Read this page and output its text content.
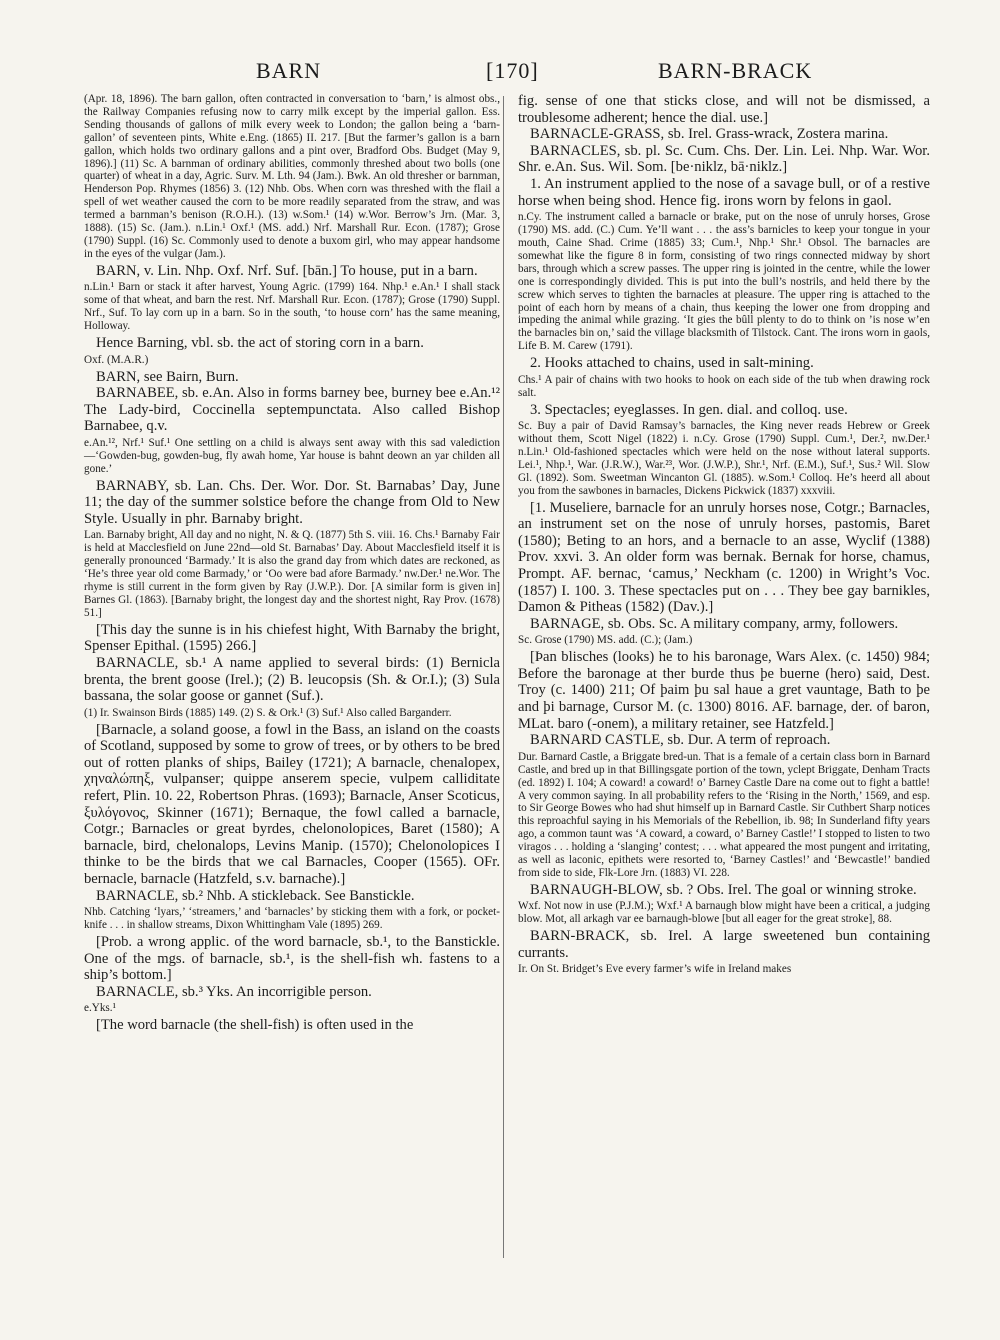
BARN	[170]	BARN-BRACK

(Apr. 18, 1896). The barn gallon, often contracted in conversation to ‘barn,’ is almost obs., the Railway Companies refusing now to carry milk except by the imperial gallon. Ess. Sending thousands of gallons of milk every week to London; the gallon being a ‘barn-gallon’ of seventeen pints, White e.Eng. (1865) II. 217. [But the farmer’s gallon is a barn gallon, which holds two ordinary gallons and a pint over, Bradford Obs. Budget (May 9, 1896).] (11) Sc. A barnman of ordinary abilities, commonly threshed about two bolls (one quarter) of wheat in a day, Agric. Surv. M. Lth. 94 (Jam.). Bwk. An old thresher or barnman, Henderson Pop. Rhymes (1856) 3. (12) Nhb. Obs. When corn was threshed with the flail a spell of wet weather caused the corn to be more readily separated from the straw, and was termed a barnman’s benison (R.O.H.). (13) w.Som.¹ (14) w.Wor. Berrow’s Jrn. (Mar. 3, 1888). (15) Sc. (Jam.). n.Lin.¹ Oxf.¹ (MS. add.) Nrf. Marshall Rur. Econ. (1787); Grose (1790) Suppl. (16) Sc. Commonly used to denote a buxom girl, who may appear handsome in the eyes of the vulgar (Jam.).

BARN, v. Lin. Nhp. Oxf. Nrf. Suf. [bān.] To house, put in a barn.

n.Lin.¹ Barn or stack it after harvest, Young Agric. (1799) 164. Nhp.¹ e.An.¹ I shall stack some of that wheat, and barn the rest. Nrf. Marshall Rur. Econ. (1787); Grose (1790) Suppl. Nrf., Suf. To lay corn up in a barn. So in the south, ‘to house corn’ has the same meaning, Holloway.

Hence Barning, vbl. sb. the act of storing corn in a barn.

Oxf. (M.A.R.)

BARN, see Bairn, Burn.

BARNABEE, sb. e.An. Also in forms barney bee, burney bee e.An.¹² The Lady-bird, Coccinella septempunctata. Also called Bishop Barnabee, q.v.

e.An.¹², Nrf.¹ Suf.¹ One settling on a child is always sent away with this sad valediction—‘Gowden-bug, gowden-bug, fly awah home, Yar house is bahnt deown an yar childen all gone.’

BARNABY, sb. Lan. Chs. Der. Wor. Dor. St. Barnabas’ Day, June 11; the day of the summer solstice before the change from Old to New Style. Usually in phr. Barnaby bright.

Lan. Barnaby bright, All day and no night, N. & Q. (1877) 5th S. viii. 16. Chs.¹ Barnaby Fair is held at Macclesfield on June 22nd—old St. Barnabas’ Day. About Macclesfield itself it is generally pronounced ‘Barmady.’ It is also the grand day from which dates are reckoned, as ‘He’s three year old come Barmady,’ or ‘Oo were bad afore Barmady.’ nw.Der.¹ ne.Wor. The rhyme is still current in the form given by Ray (J.W.P.). Dor. [A similar form is given in] Barnes Gl. (1863). [Barnaby bright, the longest day and the shortest night, Ray Prov. (1678) 51.]

[This day the sunne is in his chiefest hight, With Barnaby the bright, Spenser Epithal. (1595) 266.]

BARNACLE, sb.¹ A name applied to several birds: (1) Bernicla brenta, the brent goose (Irel.); (2) B. leucopsis (Sh. & Or.I.); (3) Sula bassana, the solar goose or gannet (Suf.).

(1) Ir. Swainson Birds (1885) 149. (2) S. & Ork.¹ (3) Suf.¹ Also called Barganderr.

[Barnacle, a soland goose, a fowl in the Bass, an island on the coasts of Scotland, supposed by some to grow of trees, or by others to be bred out of rotten planks of ships, Bailey (1721); A barnacle, chenalopex, χηναλώπηξ, vulpanser; quippe anserem specie, vulpem calliditate refert, Plin. 10. 22, Robertson Phras. (1693); Barnacle, Anser Scoticus, ξυλόγονος, Skinner (1671); Bernaque, the fowl called a barnacle, Cotgr.; Barnacles or great byrdes, chelonolopices, Baret (1580); A barnacle, bird, chelonalops, Levins Manip. (1570); Chelonolopices I thinke to be the birds that we cal Barnacles, Cooper (1565). OFr. bernacle, barnacle (Hatzfeld, s.v. barnache).]

BARNACLE, sb.² Nhb. A stickleback. See Banstickle.

Nhb. Catching ‘lyars,’ ‘streamers,’ and ‘barnacles’ by sticking them with a fork, or pocket-knife . . . in shallow streams, Dixon Whittingham Vale (1895) 269.

[Prob. a wrong applic. of the word barnacle, sb.¹, to the Banstickle. One of the mgs. of barnacle, sb.¹, is the shell-fish wh. fastens to a ship’s bottom.]

BARNACLE, sb.³ Yks. An incorrigible person.

e.Yks.¹

[The word barnacle (the shell-fish) is often used in the

fig. sense of one that sticks close, and will not be dismissed, a troublesome adherent; hence the dial. use.]

BARNACLE-GRASS, sb. Irel. Grass-wrack, Zostera marina.

BARNACLES, sb. pl. Sc. Cum. Chs. Der. Lin. Lei. Nhp. War. Wor. Shr. e.An. Sus. Wil. Som. [be·niklz, bā·niklz.]

1. An instrument applied to the nose of a savage bull, or of a restive horse when being shod. Hence fig. irons worn by felons in gaol.

n.Cy. The instrument called a barnacle or brake, put on the nose of unruly horses, Grose (1790) MS. add. (C.) Cum. Ye’ll want . . . the ass’s barnicles to keep your tongue in your mouth, Caine Shad. Crime (1885) 33; Cum.¹, Nhp.¹ Shr.¹ Obsol. The barnacles are somewhat like the figure 8 in form, consisting of two rings connected midway by short bars, through which a screw passes. The upper ring is jointed in the centre, while the lower one is correspondingly divided. This is put into the bull’s nostrils, and held there by the screw which serves to tighten the barnacles at pleasure. The upper ring is attached to the point of each horn by means of a chain, thus keeping the lower one from dropping and impeding the animal while grazing. ‘It gies the bûll plenty to do to think on ’is nose w’en the barnacles bin on,’ said the village blacksmith of Tilstock. Cant. The irons worn in gaols, Life B. M. Carew (1791).

2. Hooks attached to chains, used in salt-mining.

Chs.¹ A pair of chains with two hooks to hook on each side of the tub when drawing rock salt.

3. Spectacles; eyeglasses. In gen. dial. and colloq. use.

Sc. Buy a pair of David Ramsay’s barnacles, the King never reads Hebrew or Greek without them, Scott Nigel (1822) i. n.Cy. Grose (1790) Suppl. Cum.¹, Der.², nw.Der.¹ n.Lin.¹ Old-fashioned spectacles which were held on the nose without lateral supports. Lei.¹, Nhp.¹, War. (J.R.W.), War.²³, Wor. (J.W.P.), Shr.¹, Nrf. (E.M.), Suf.¹, Sus.² Wil. Slow Gl. (1892). Som. Sweetman Wincanton Gl. (1885). w.Som.¹ Colloq. He’s heerd all about you from the sawbones in barnacles, Dickens Pickwick (1837) xxxviii.

[1. Museliere, barnacle for an unruly horses nose, Cotgr.; Barnacles, an instrument set on the nose of unruly horses, pastomis, Baret (1580); Beting to an hors, and a bernacle to an asse, Wyclif (1388) Prov. xxvi. 3. An older form was bernak. Bernak for horse, chamus, Prompt. AF. bernac, ‘camus,’ Neckham (c. 1200) in Wright’s Voc. (1857) I. 100. 3. These spectacles put on . . . They bee gay barnikles, Damon & Pitheas (1582) (Dav.).]

BARNAGE, sb. Obs. Sc. A military company, army, followers.

Sc. Grose (1790) MS. add. (C.); (Jam.)

[Þan blisches (looks) he to his baronage, Wars Alex. (c. 1450) 984; Before the baronage at ther burde thus þe buerne (hero) said, Dest. Troy (c. 1400) 211; Of þaim þu sal haue a gret vauntage, Bath to þe and þi barnage, Cursor M. (c. 1300) 8016. AF. barnage, der. of baron, MLat. baro (-onem), a military retainer, see Hatzfeld.]

BARNARD CASTLE, sb. Dur. A term of reproach.

Dur. Barnard Castle, a Briggate bred-un. That is a female of a certain class born in Barnard Castle, and bred up in that Billingsgate portion of the town, yclept Briggate, Denham Tracts (ed. 1892) I. 104; A coward! a coward! o’ Barney Castle Dare na come out to fight a battle! A very common saying. In all probability refers to the ‘Rising in the North,’ 1569, and esp. to Sir George Bowes who had shut himself up in Barnard Castle. Sir Cuthbert Sharp notices this reproachful saying in his Memorials of the Rebellion, ib. 98; In Sunderland fifty years ago, a common taunt was ‘A coward, a coward, o’ Barney Castle!’ I stopped to listen to two viragos . . . holding a ‘slanging’ contest; . . . what appeared the most pungent and irritating, as well as laconic, epithets were resorted to, ‘Barney Castles!’ and ‘Bewcastle!’ bandied from side to side, Flk-Lore Jrn. (1883) VI. 228.

BARNAUGH-BLOW, sb. ? Obs. Irel. The goal or winning stroke.

Wxf. Not now in use (P.J.M.); Wxf.¹ A barnaugh blow might have been a critical, a judging blow. Mot, all arkagh var ee barnaugh-blowe [but all eager for the great stroke], 88.

BARN-BRACK, sb. Irel. A large sweetened bun containing currants.

Ir. On St. Bridget’s Eve every farmer’s wife in Ireland makes
